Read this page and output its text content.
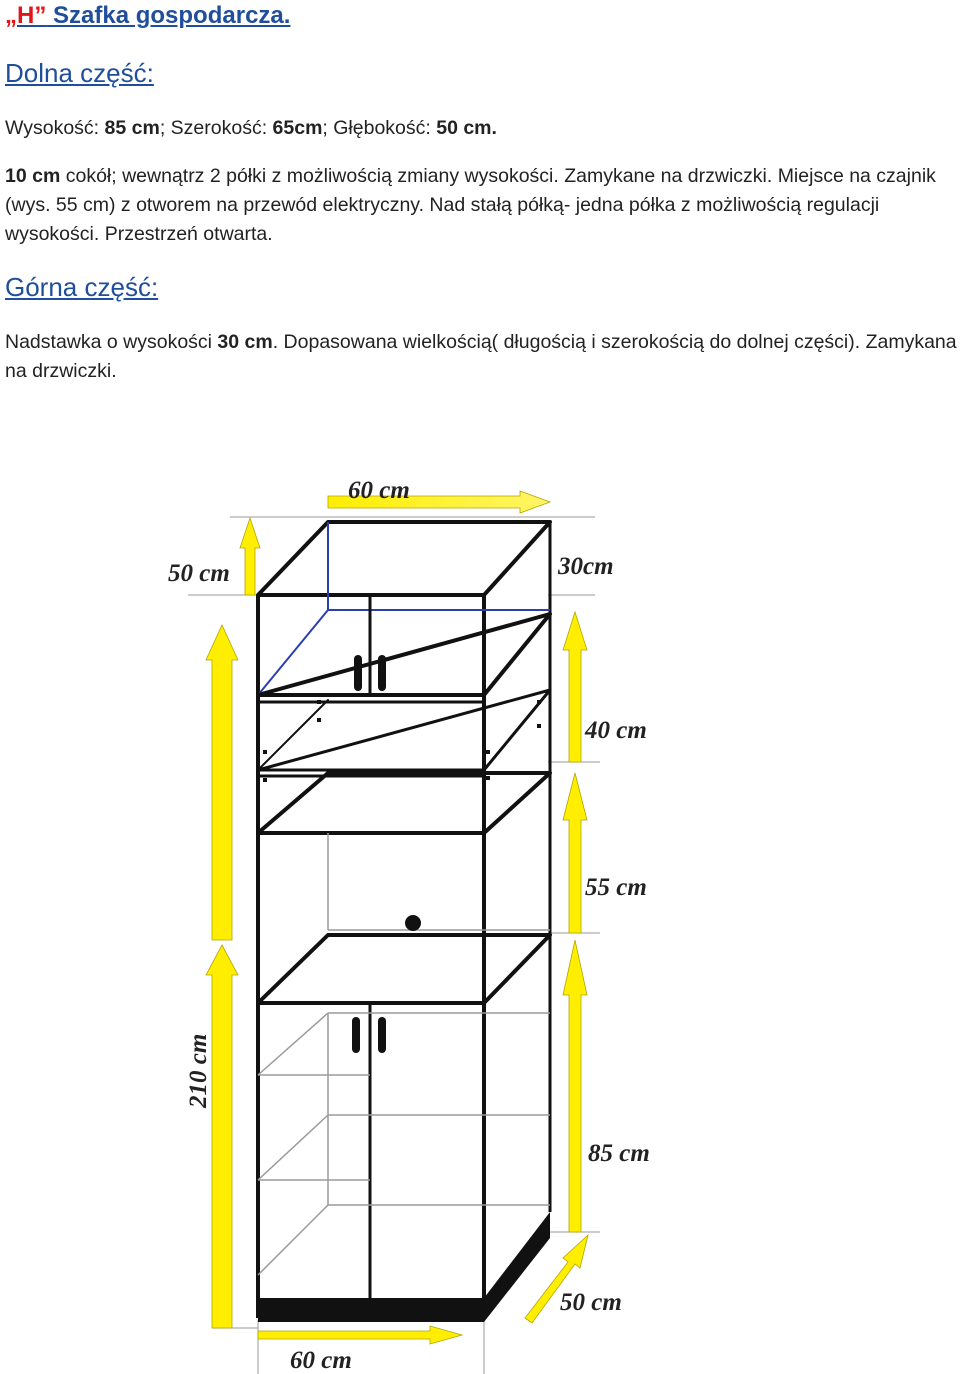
„H” Szafka gospodarcza.
Dolna część:

Wysokość: 85 cm; Szerokość: 65cm; Głębokość: 50 cm.

10 cm cokół; wewnątrz 2 półki z możliwością zmiany wysokości. Zamykane na drzwiczki. Miejsce na czajnik (wys. 55 cm) z otworem na przewód elektryczny. Nad stałą półką- jedna półka z możliwością regulacji wysokości. Przestrzeń otwarta.

Górna część:

Nadstawka o wysokości 30 cm. Dopasowana wielkością( długością i szerokością do dolnej części). Zamykana na drzwiczki.

60 cm
50 cm	30cm
40 cm
55 cm
85 cm
210 cm
50 cm
60 cm
